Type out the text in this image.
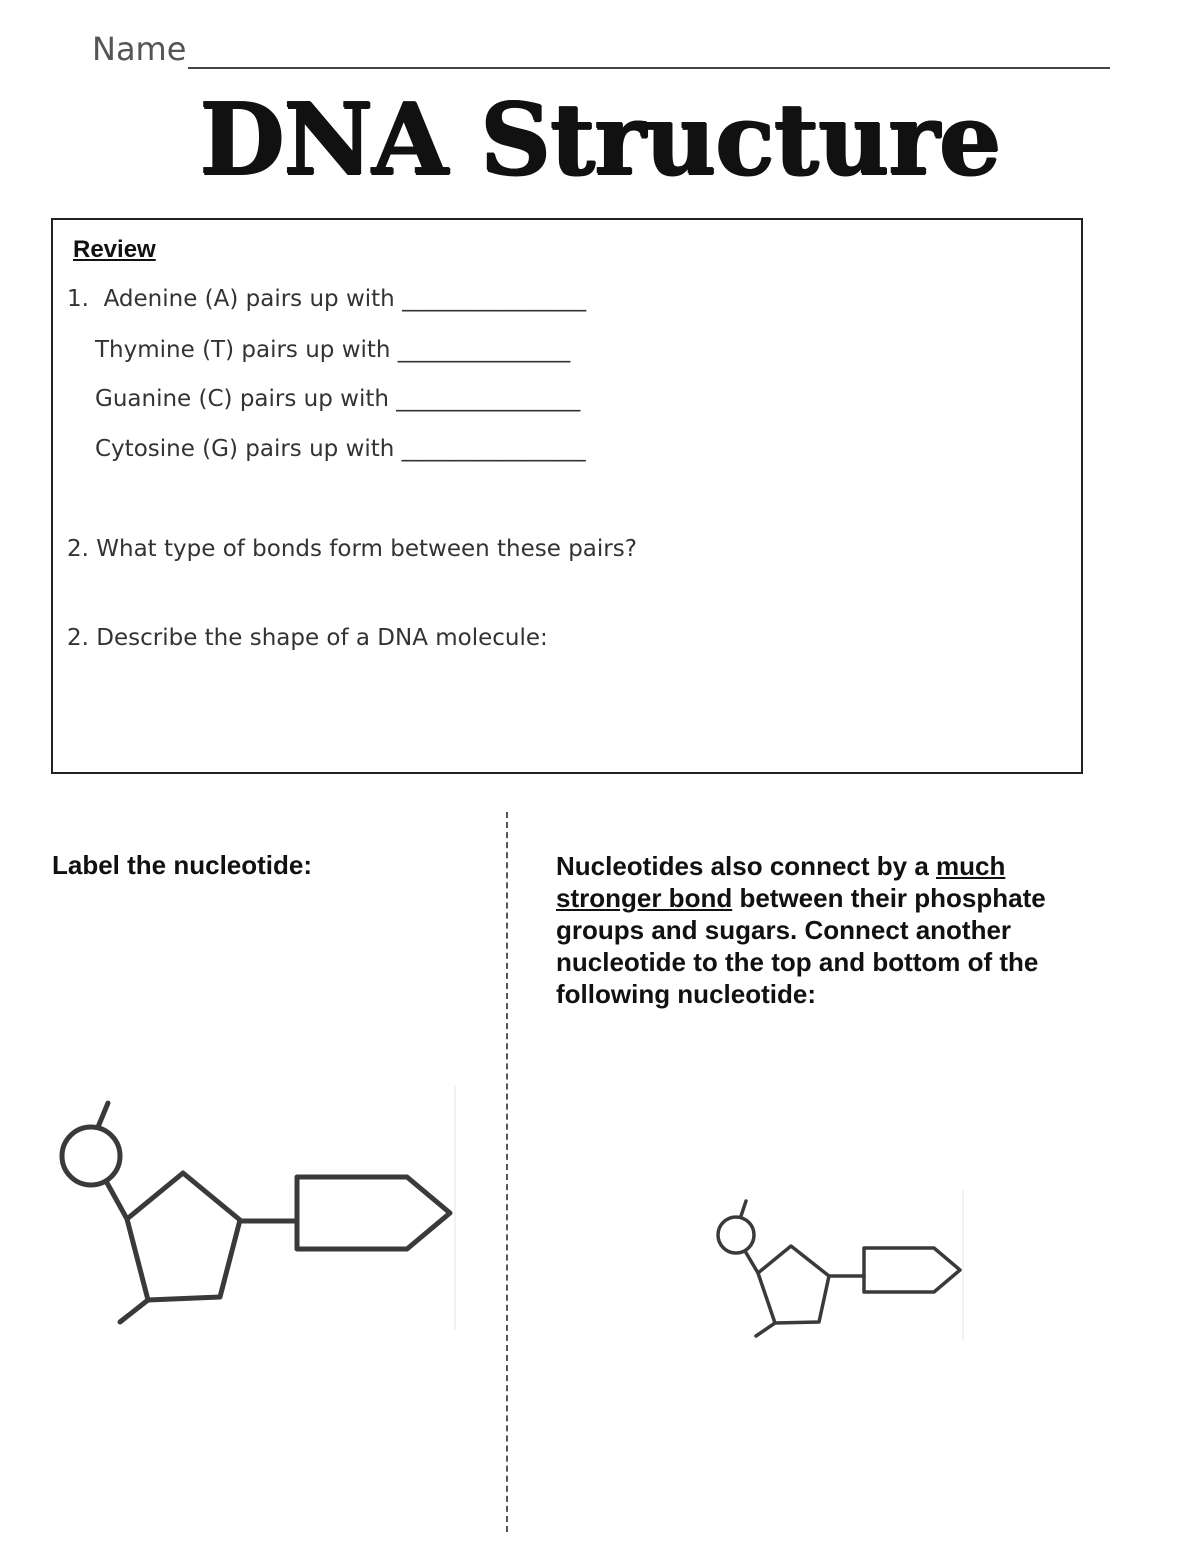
Name
DNA Structure
Review
1.  Adenine (A) pairs up with ________________
Thymine (T) pairs up with _______________
Guanine (C) pairs up with ________________
Cytosine (G) pairs up with ________________
2. What type of bonds form between these pairs?
2. Describe the shape of a DNA molecule:
Label the nucleotide:	Nucleotides also connect by a much stronger bond between their phosphate groups and sugars. Connect another nucleotide to the top and bottom of the following nucleotide:
